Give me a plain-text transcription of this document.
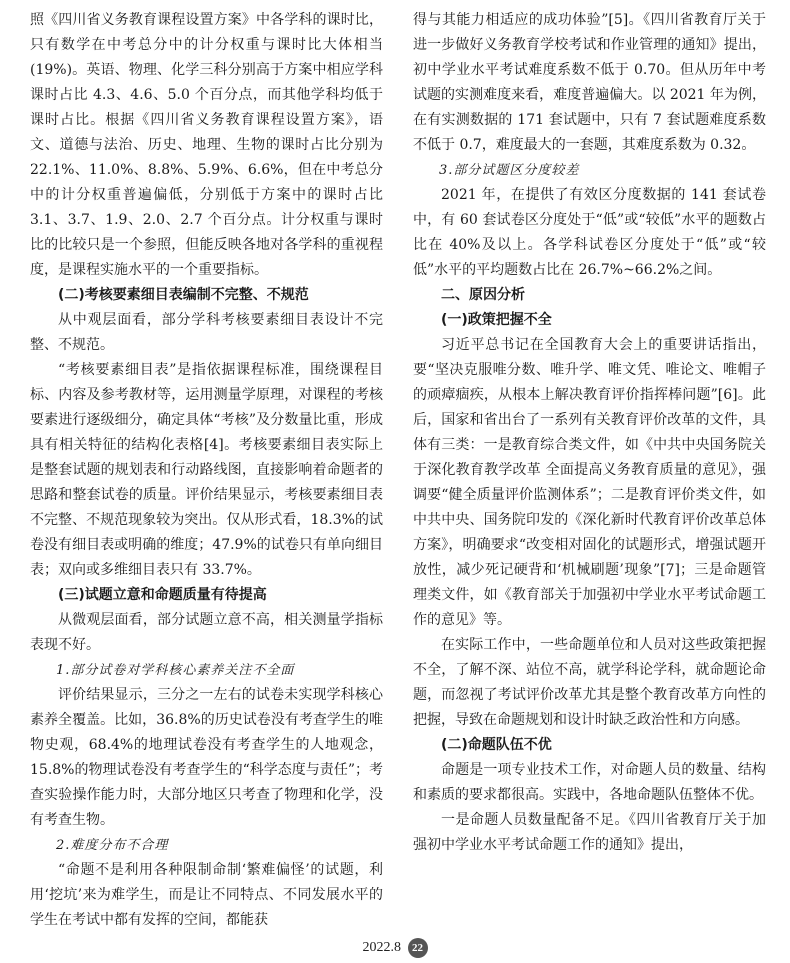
照《四川省义务教育课程设置方案》中各学科的课时比，只有数学在中考总分中的计分权重与课时比大体相当(19%)。英语、物理、化学三科分别高于方案中相应学科课时占比 4.3、4.6、5.0 个百分点，而其他学科均低于课时占比。根据《四川省义务教育课程设置方案》，语文、道德与法治、历史、地理、生物的课时占比分别为 22.1%、11.0%、8.8%、5.9%、6.6%，但在中考总分中的计分权重普遍偏低，分别低于方案中的课时占比 3.1、3.7、1.9、2.0、2.7 个百分点。计分权重与课时比的比较只是一个参照，但能反映各地对各学科的重视程度，是课程实施水平的一个重要指标。

(二)考核要素细目表编制不完整、不规范

从中观层面看，部分学科考核要素细目表设计不完整、不规范。

“考核要素细目表”是指依据课程标准，围绕课程目标、内容及参考教材等，运用测量学原理，对课程的考核要素进行逐级细分，确定具体“考核”及分数量比重，形成具有相关特征的结构化表格[4]。考核要素细目表实际上是整套试题的规划表和行动路线图，直接影响着命题者的思路和整套试卷的质量。评价结果显示，考核要素细目表不完整、不规范现象较为突出。仅从形式看，18.3%的试卷没有细目表或明确的维度；47.9%的试卷只有单向细目表；双向或多维细目表只有 33.7%。

(三)试题立意和命题质量有待提高

从微观层面看，部分试题立意不高，相关测量学指标表现不好。

1.部分试卷对学科核心素养关注不全面

评价结果显示，三分之一左右的试卷未实现学科核心素养全覆盖。比如，36.8%的历史试卷没有考查学生的唯物史观，68.4%的地理试卷没有考查学生的人地观念，15.8%的物理试卷没有考查学生的“科学态度与责任”；考查实验操作能力时，大部分地区只考查了物理和化学，没有考查生物。

2.难度分布不合理

“命题不是利用各种限制命制‘繁难偏怪’的试题，利用‘挖坑’来为难学生，而是让不同特点、不同发展水平的学生在考试中都有发挥的空间，都能获

得与其能力相适应的成功体验”[5]。《四川省教育厅关于进一步做好义务教育学校考试和作业管理的通知》提出，初中学业水平考试难度系数不低于 0.70。但从历年中考试题的实测难度来看，难度普遍偏大。以 2021 年为例，在有实测数据的 171 套试题中，只有 7 套试题难度系数不低于 0.7，难度最大的一套题，其难度系数为 0.32。

3.部分试题区分度较差

2021 年，在提供了有效区分度数据的 141 套试卷中，有 60 套试卷区分度处于“低”或“较低”水平的题数占比在 40%及以上。各学科试卷区分度处于“低”或“较低”水平的平均题数占比在 26.7%~66.2%之间。

二、原因分析
(一)政策把握不全

习近平总书记在全国教育大会上的重要讲话指出，要“坚决克服唯分数、唯升学、唯文凭、唯论文、唯帽子的顽瘴痼疾，从根本上解决教育评价指挥棒问题”[6]。此后，国家和省出台了一系列有关教育评价改革的文件，具体有三类：一是教育综合类文件，如《中共中央国务院关于深化教育教学改革 全面提高义务教育质量的意见》，强调要“健全质量评价监测体系”；二是教育评价类文件，如中共中央、国务院印发的《深化新时代教育评价改革总体方案》，明确要求“改变相对固化的试题形式，增强试题开放性，减少死记硬背和‘机械刷题’现象”[7]；三是命题管理类文件，如《教育部关于加强初中学业水平考试命题工作的意见》等。

在实际工作中，一些命题单位和人员对这些政策把握不全，了解不深、站位不高，就学科论学科，就命题论命题，而忽视了考试评价改革尤其是整个教育改革方向性的把握，导致在命题规划和设计时缺乏政治性和方向感。

(二)命题队伍不优

命题是一项专业技术工作，对命题人员的数量、结构和素质的要求都很高。实践中，各地命题队伍整体不优。

一是命题人员数量配备不足。《四川省教育厅关于加强初中学业水平考试命题工作的通知》提出，

2022.8 22
